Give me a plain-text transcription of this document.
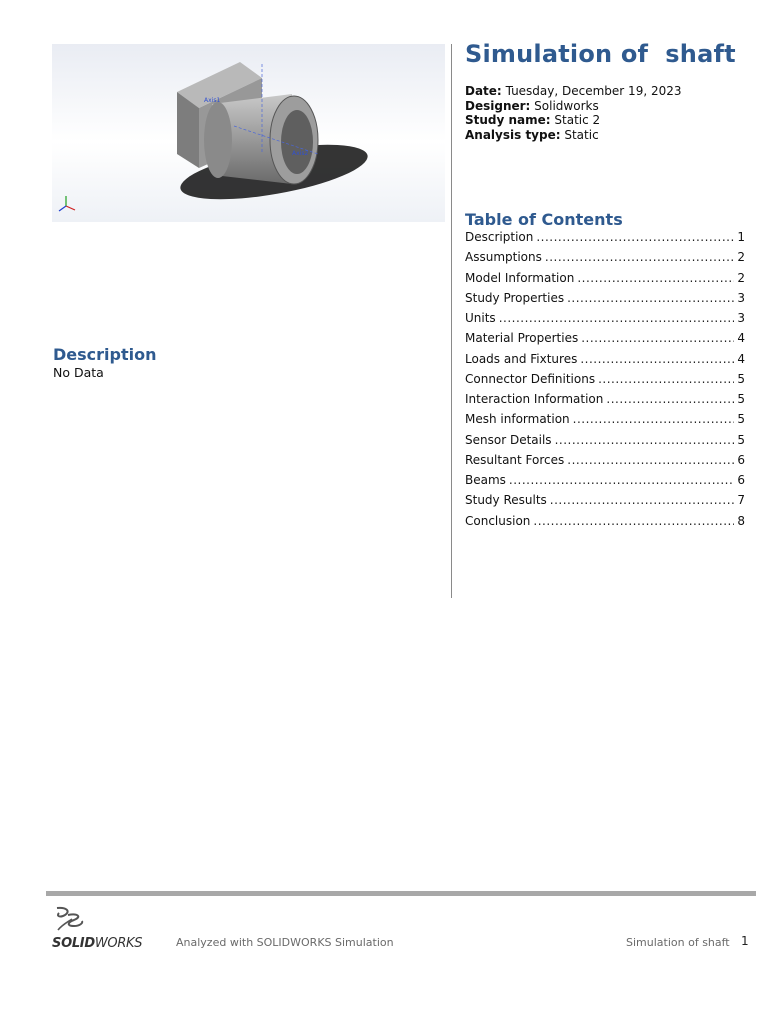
Axis1
Axis2
Simulation of  shaft
Date: Tuesday, December 19, 2023
Designer: Solidworks
Study name: Static 2
Analysis type: Static
Table of Contents
Description .....	1
Assumptions .....	2
Model Information .....	2
Study Properties .....	3
Units .....	3
Material Properties .....	4
Loads and Fixtures .....	4
Connector Definitions .....	5
Interaction Information .....	5
Mesh information .....	5
Sensor Details .....	5
Resultant Forces .....	6
Beams .....	6
Study Results .....	7
Conclusion .....	8
Description
No Data
SOLIDWORKS	Analyzed with SOLIDWORKS Simulation	Simulation of shaft 1
